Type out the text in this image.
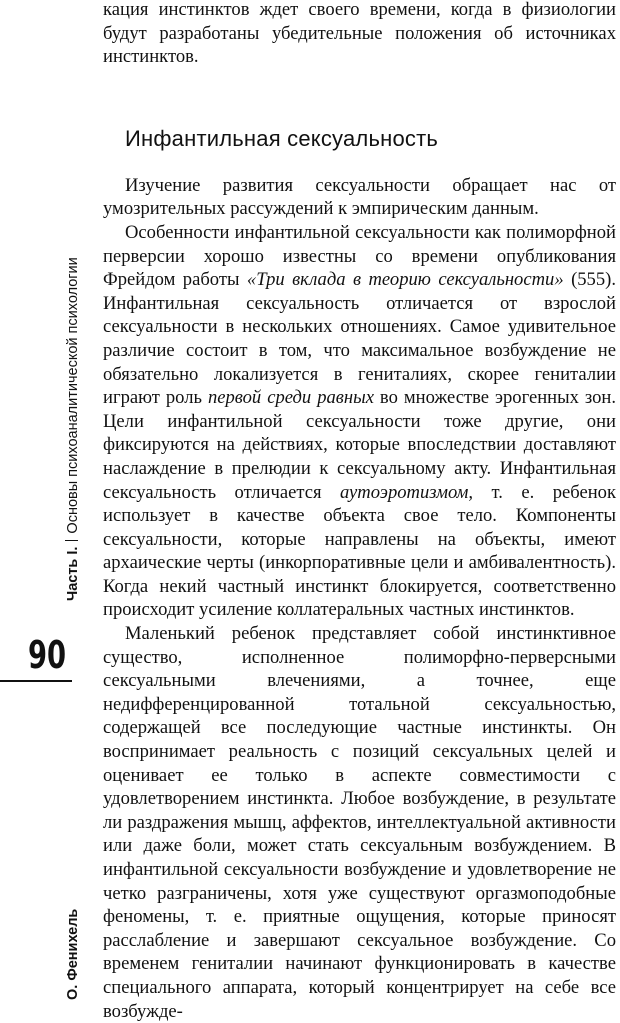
Часть I.Основы психоаналитической психологии
90
О. Фенихель

кация инстинктов ждет своего времени, когда в физиологии будут разработаны убедительные положения об источниках инстинктов.

Инфантильная сексуальность

Изучение развития сексуальности обращает нас от умозрительных рассуждений к эмпирическим данным.

Особенности инфантильной сексуальности как полиморфной перверсии хорошо известны со времени опубликования Фрейдом работы «Три вклада в теорию сексуальности» (555). Инфантильная сексуальность отличается от взрослой сексуальности в нескольких отношениях. Самое удивительное различие состоит в том, что максимальное возбуждение не обязательно локализуется в гениталиях, скорее гениталии играют роль первой среди равных во множестве эрогенных зон. Цели инфантильной сексуальности тоже другие, они фиксируются на действиях, которые впоследствии доставляют наслаждение в прелюдии к сексуальному акту. Инфантильная сексуальность отличается аутоэротизмом, т. е. ребенок использует в качестве объекта свое тело. Компоненты сексуальности, которые направлены на объекты, имеют архаические черты (инкорпоративные цели и амбивалентность). Когда некий частный инстинкт блокируется, соответственно происходит усиление коллатеральных частных инстинктов.

Маленький ребенок представляет собой инстинктивное существо, исполненное полиморфно-перверсными сексуальными влечениями, а точнее, еще недифференцированной тотальной сексуальностью, содержащей все последующие частные инстинкты. Он воспринимает реальность с позиций сексуальных целей и оценивает ее только в аспекте совместимости с удовлетворением инстинкта. Любое возбуждение, в результате ли раздражения мышц, аффектов, интеллектуальной активности или даже боли, может стать сексуальным возбуждением. В инфантильной сексуальности возбуждение и удовлетворение не четко разграничены, хотя уже существуют оргазмоподобные феномены, т. е. приятные ощущения, которые приносят расслабление и завершают сексуальное возбуждение. Со временем гениталии начинают функционировать в качестве специального аппарата, который концентрирует на себе все возбужде-
